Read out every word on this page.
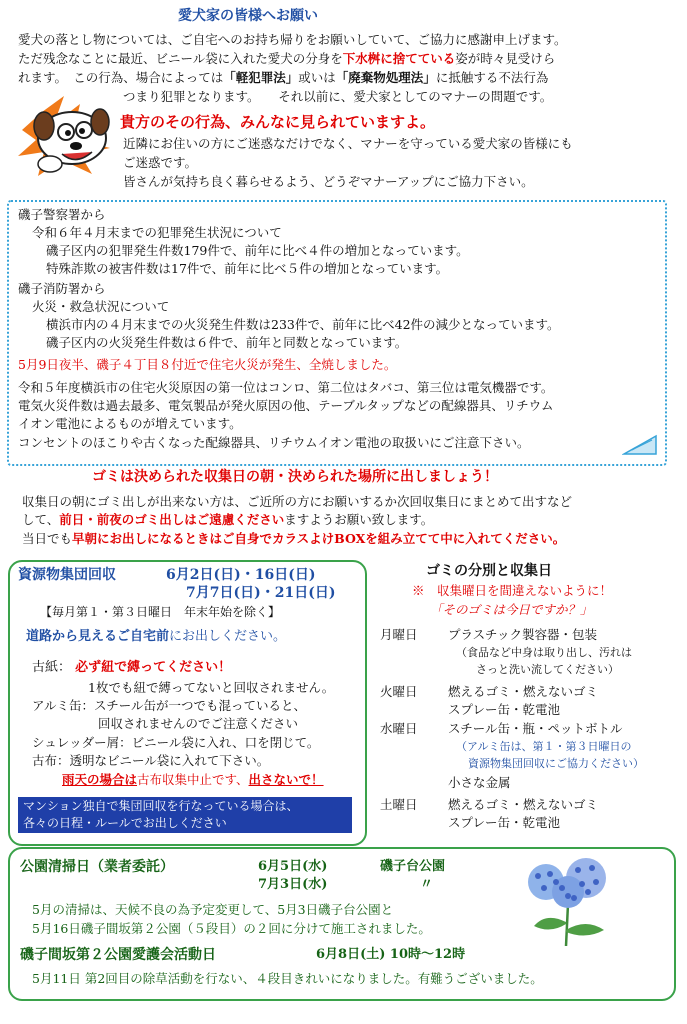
愛犬家の皆様へお願い
愛犬の落とし物については、ご自宅へのお持ち帰りをお願いしていて、ご協力に感謝申上げます。
ただ残念なことに最近、ビニール袋に入れた愛犬の分身を下水桝に捨てている姿が時々見受けら
れます。　この行為、場合によっては「軽犯罪法」或いは「廃棄物処理法」に抵触する不法行為
つまり犯罪となります。　　それ以前に、愛犬家としてのマナーの問題です。
貴方のその行為、みんなに見られていますよ。
近隣にお住いの方にご迷惑なだけでなく、マナーを守っている愛犬家の皆様にも
ご迷惑です。
皆さんが気持ち良く暮らせるよう、どうぞマナーアップにご協力下さい。
磯子警察署から
令和６年４月末までの犯罪発生状況について
磯子区内の犯罪発生件数179件で、前年に比べ４件の増加となっています。
特殊詐欺の被害件数は17件で、前年に比べ５件の増加となっています。
磯子消防署から
火災・救急状況について
横浜市内の４月末までの火災発生件数は233件で、前年に比べ42件の減少となっています。
磯子区内の火災発生件数は６件で、前年と同数となっています。
5月9日夜半、磯子４丁目８付近で住宅火災が発生、全焼しました。
令和５年度横浜市の住宅火災原因の第一位はコンロ、第二位はタバコ、第三位は電気機器です。
電気火災件数は過去最多、電気製品が発火原因の他、テーブルタップなどの配線器具、リチウム
イオン電池によるものが増えています。
コンセントのほこりや古くなった配線器具、リチウムイオン電池の取扱いにご注意下さい。
ゴミは決められた収集日の朝・決められた場所に出しましょう！
収集日の朝にゴミ出しが出来ない方は、ご近所の方にお願いするか次回収集日にまとめて出すなど
して、前日・前夜のゴミ出しはご遠慮くださいますようお願い致します。
当日でも早朝にお出しになるときはご自身でカラスよけBOXを組み立てて中に入れてください。
資源物集団回収	6月2日(日)・16日(日)
7月7日(日)・21日(日)
【毎月第１・第３日曜日　年末年始を除く】
道路から見えるご自宅前にお出しください。
古紙： 必ず紐で縛ってください！
1枚でも紐で縛ってないと回収されません。
アルミ缶：スチール缶が一つでも混っていると、
回収されませんのでご注意ください
シュレッダー屑：ビニール袋に入れ、口を閉じて。
古布：透明なビニール袋に入れて下さい。
雨天の場合は古布収集中止です、出さないで！
マンション独自で集団回収を行なっている場合は、
各々の日程・ルールでお出しください
ゴミの分別と収集日
※　収集曜日を間違えないように！
「そのゴミは今日ですか？」
月曜日 プラスチック製容器・包装
（食品など中身は取り出し、汚れは
さっと洗い流してください）
火曜日 燃えるゴミ・燃えないゴミ
スプレー缶・乾電池
水曜日 スチール缶・瓶・ペットボトル
（アルミ缶は、第１・第３日曜日の
資源物集団回収にご協力ください）
小さな金属
土曜日 燃えるゴミ・燃えないゴミ
スプレー缶・乾電池
公園清掃日（業者委託）	6月5日(水)	磯子台公園
7月3日(水)	〃
5月の清掃は、天候不良の為予定変更して、5月3日磯子台公園と
5月16日磯子間坂第２公園（５段目）の２回に分けて施工されました。
磯子間坂第２公園愛護会活動日	6月8日(土) 10時～12時
5月11日 第2回目の除草活動を行ない、４段目きれいになりました。有難うございました。
